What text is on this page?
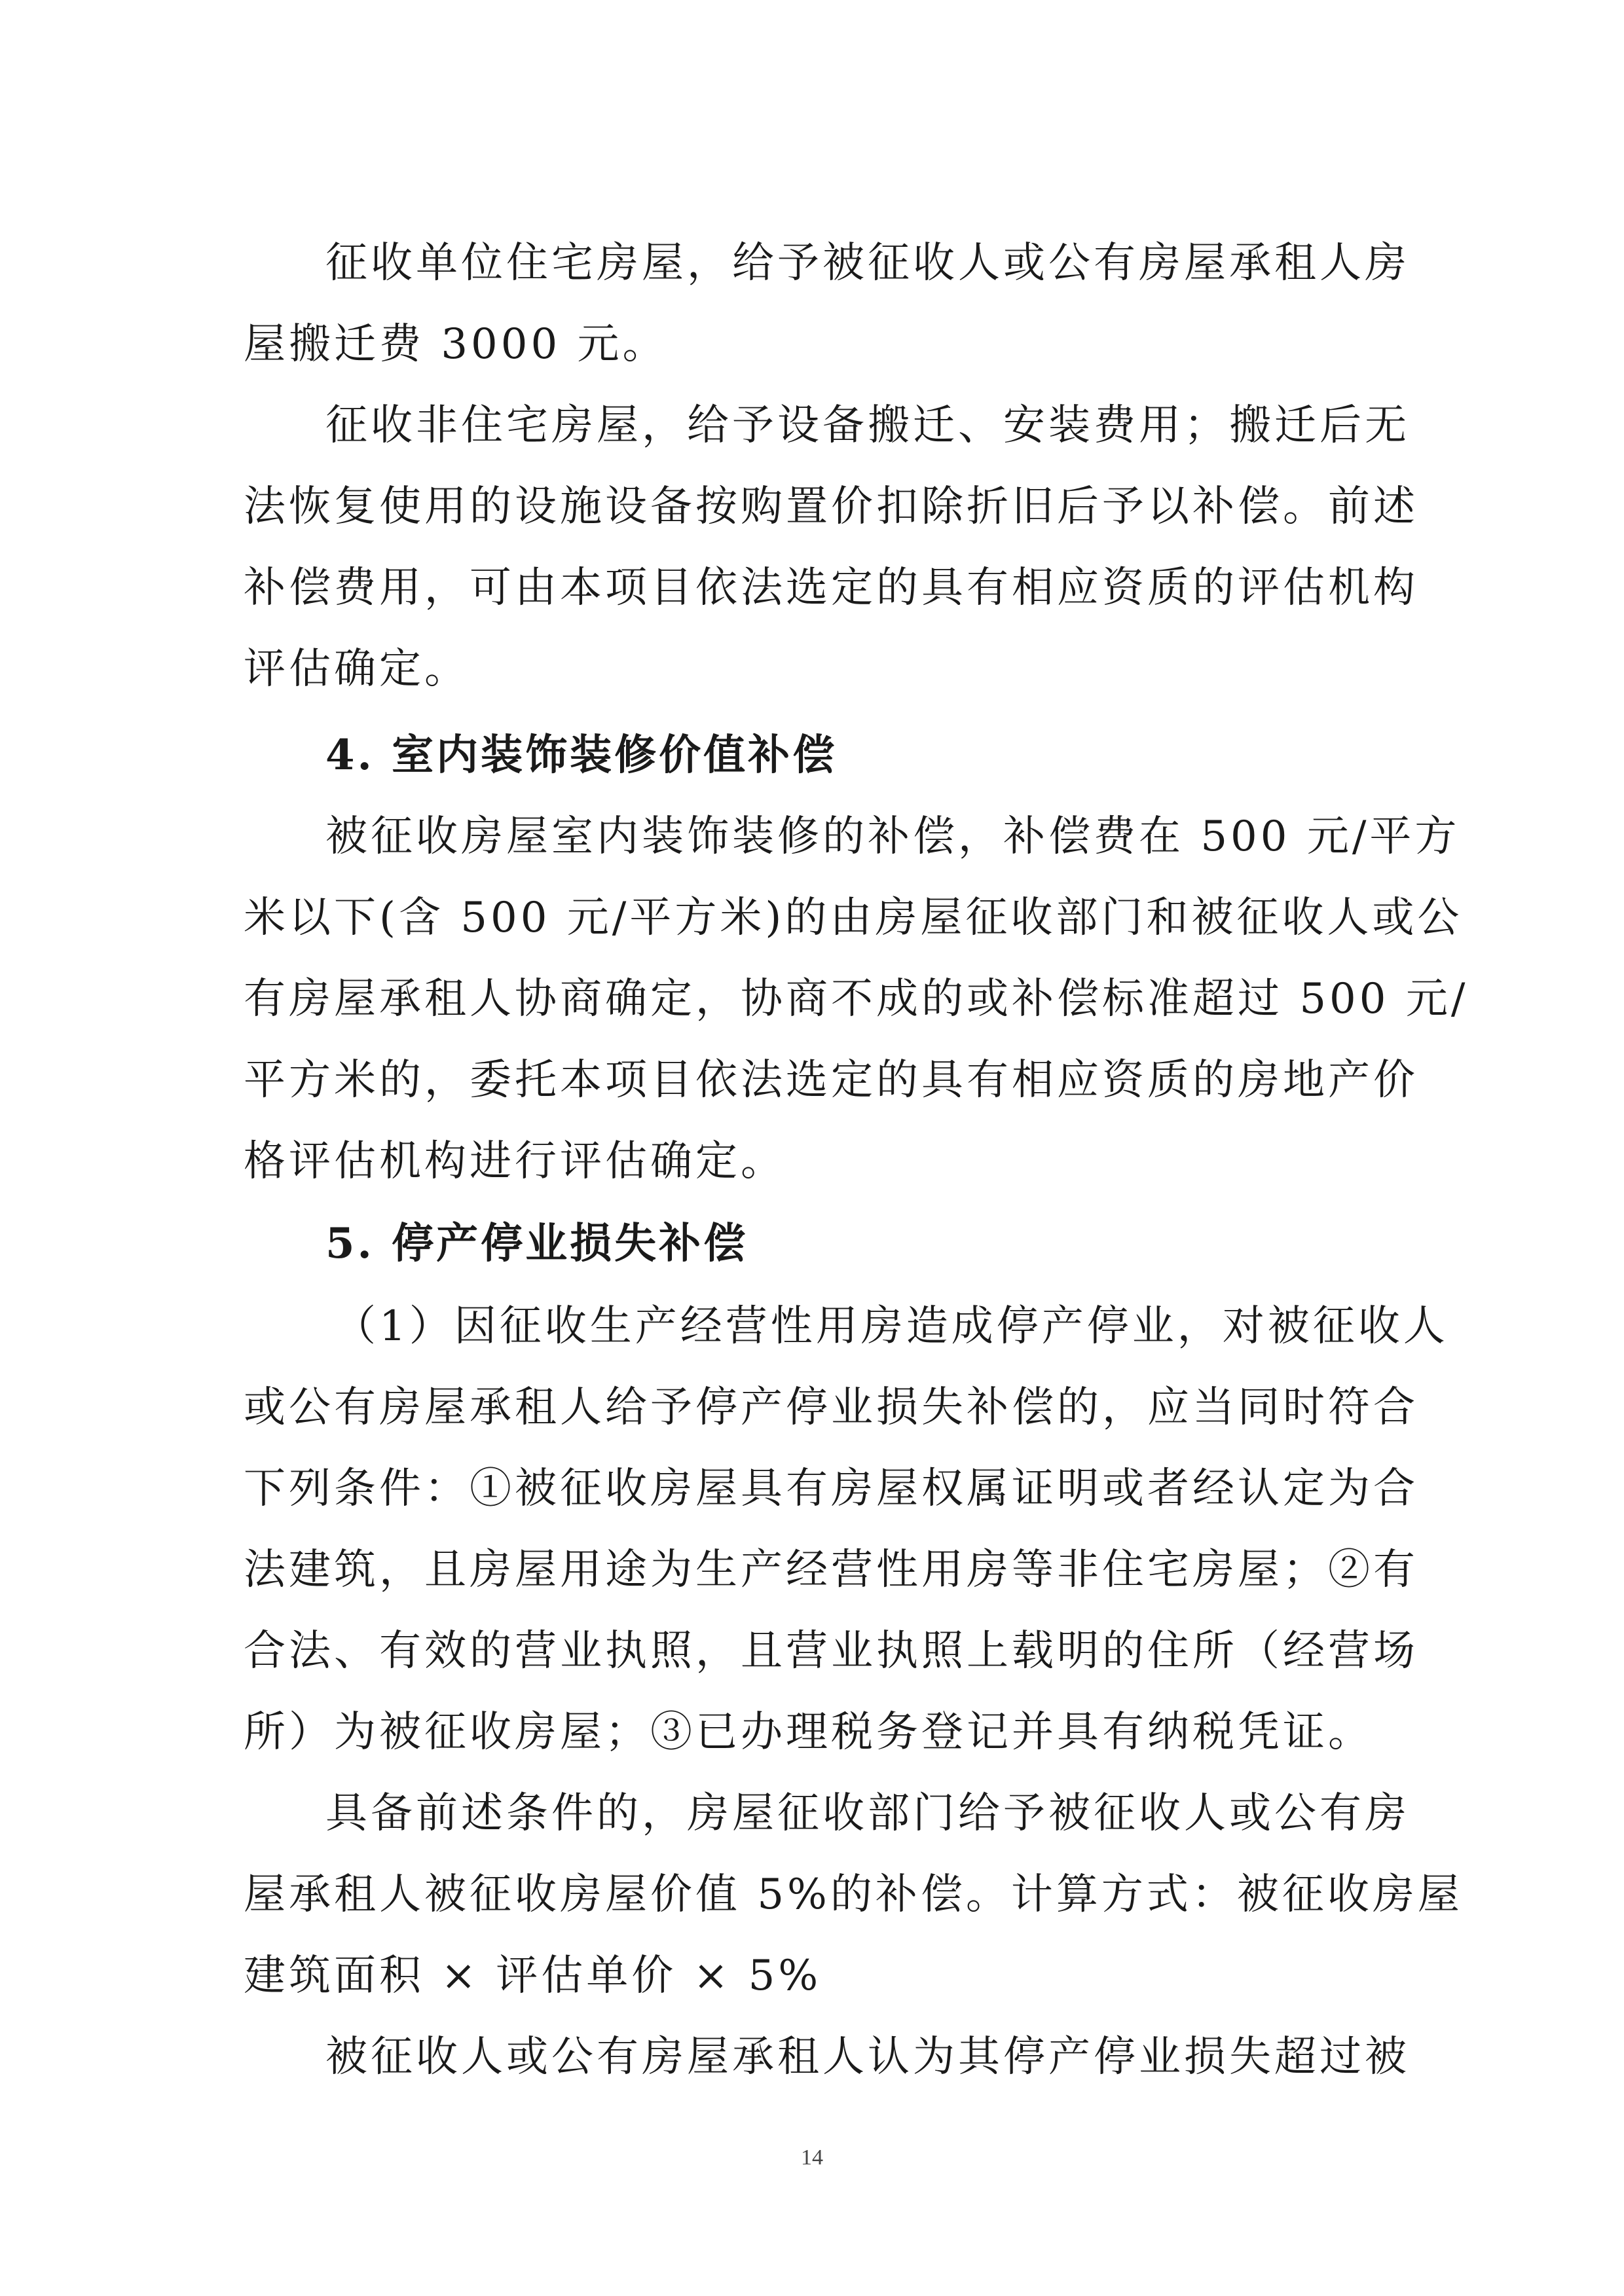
征收单位住宅房屋，给予被征收人或公有房屋承租人房
屋搬迁费 3000 元。
征收非住宅房屋，给予设备搬迁、安装费用；搬迁后无
法恢复使用的设施设备按购置价扣除折旧后予以补偿。前述
补偿费用，可由本项目依法选定的具有相应资质的评估机构
评估确定。
4. 室内装饰装修价值补偿
被征收房屋室内装饰装修的补偿，补偿费在 500 元/平方
米以下(含 500 元/平方米)的由房屋征收部门和被征收人或公
有房屋承租人协商确定，协商不成的或补偿标准超过 500 元/
平方米的，委托本项目依法选定的具有相应资质的房地产价
格评估机构进行评估确定。
5. 停产停业损失补偿
（1）因征收生产经营性用房造成停产停业，对被征收人
或公有房屋承租人给予停产停业损失补偿的，应当同时符合
下列条件：①被征收房屋具有房屋权属证明或者经认定为合
法建筑，且房屋用途为生产经营性用房等非住宅房屋；②有
合法、有效的营业执照，且营业执照上载明的住所（经营场
所）为被征收房屋；③已办理税务登记并具有纳税凭证。
具备前述条件的，房屋征收部门给予被征收人或公有房
屋承租人被征收房屋价值 5%的补偿。计算方式：被征收房屋
建筑面积 × 评估单价 × 5%
被征收人或公有房屋承租人认为其停产停业损失超过被
14
